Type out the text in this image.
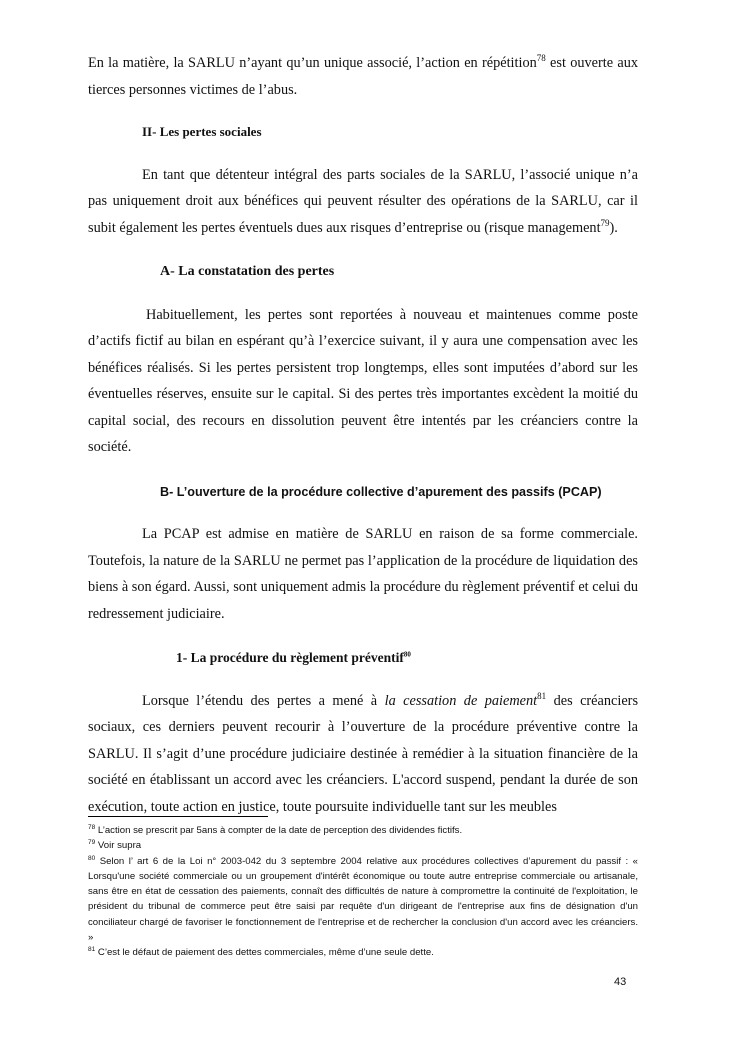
En la matière, la SARLU n’ayant qu’un unique associé, l’action en répétition$^{78}$ est ouverte aux tierces personnes victimes de l’abus.

II- Les pertes sociales

En tant que détenteur intégral des parts sociales de la SARLU, l’associé unique n’a pas uniquement droit aux bénéfices qui peuvent résulter des opérations de la SARLU, car il subit également les pertes éventuels dues aux risques d’entreprise ou (risque management$^{79}$).

A- La constatation des pertes

Habituellement, les pertes sont reportées à nouveau et maintenues comme poste d’actifs fictif au bilan en espérant qu’à l’exercice suivant, il y aura une compensation avec les bénéfices réalisés. Si les pertes persistent trop longtemps, elles sont imputées d’abord sur les éventuelles réserves, ensuite sur le capital. Si des pertes très importantes excèdent la moitié du capital social, des recours en dissolution peuvent être intentés par les créanciers contre la société.

B- L’ouverture de la procédure collective d’apurement des passifs (PCAP)

La PCAP est admise en matière de SARLU en raison de sa forme commerciale. Toutefois, la nature de la SARLU ne permet pas l’application de la procédure de liquidation des biens à son égard. Aussi, sont uniquement admis la procédure du règlement préventif et celui du redressement judiciaire.

1- La procédure du règlement préventif$^{80}$

Lorsque l’étendu des pertes a mené à la cessation de paiement$^{81}$ des créanciers sociaux, ces derniers peuvent recourir à l’ouverture de la procédure préventive contre la SARLU. Il s’agit d’une procédure judiciaire destinée à remédier à la situation financière de la société en établissant un accord avec les créanciers. L'accord suspend, pendant la durée de son exécution, toute action en justice, toute poursuite individuelle tant sur les meubles

$^{78}$ L’action se prescrit par 5ans à compter de la date de perception des dividendes fictifs.

$^{79}$ Voir supra

$^{80}$ Selon l’ art 6 de la Loi n° 2003-042 du 3 septembre 2004 relative aux procédures collectives d’apurement du passif : « Lorsqu'une société commerciale ou un groupement d'intérêt économique ou toute autre entreprise commerciale ou artisanale, sans être en état de cessation des paiements, connaît des difficultés de nature à compromettre la continuité de l'exploitation, le président du tribunal de commerce peut être saisi par requête d'un dirigeant de l'entreprise aux fins de désignation d'un conciliateur chargé de favoriser le fonctionnement de l'entreprise et de rechercher la conclusion d'un accord avec les créanciers. »

$^{81}$ C’est le défaut de paiement des dettes commerciales, même d’une seule dette.

43
